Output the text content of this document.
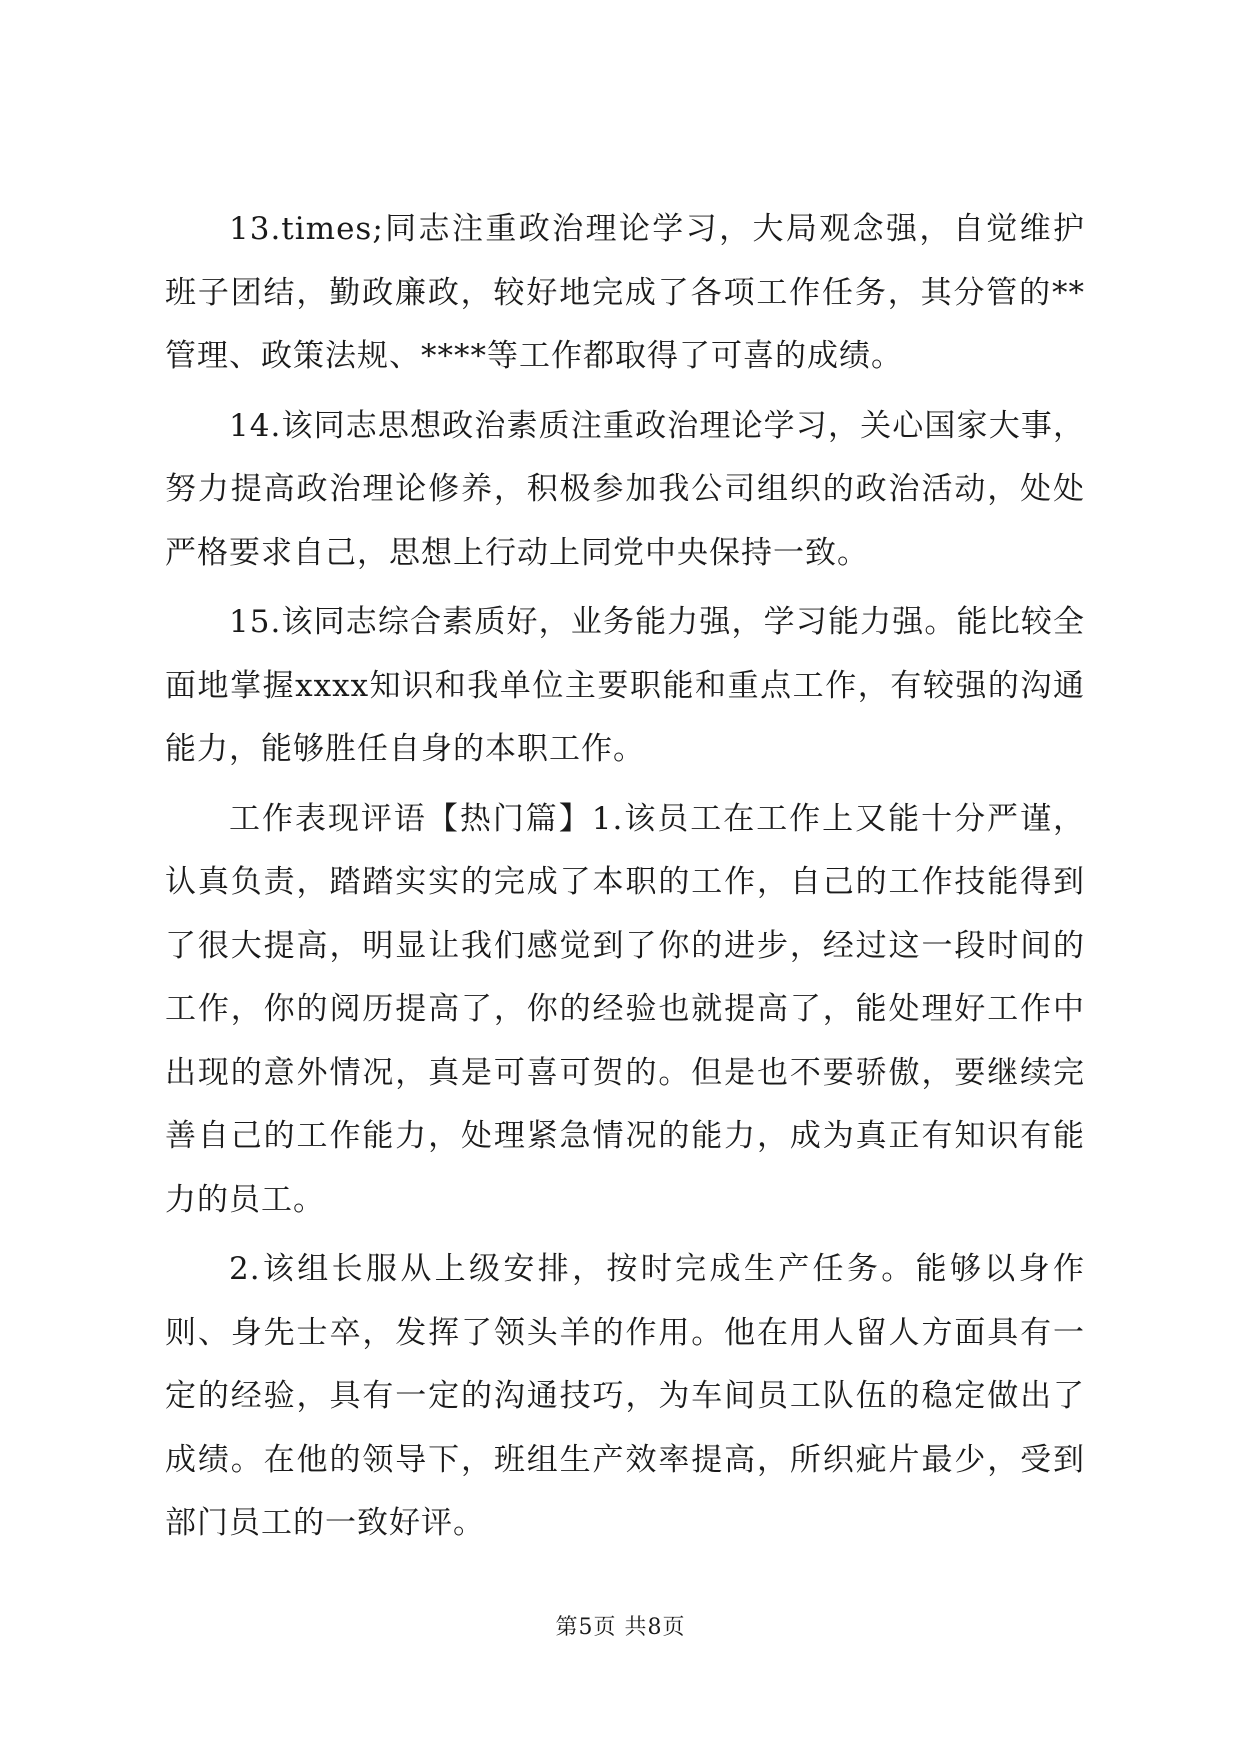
13.times;同志注重政治理论学习，大局观念强，自觉维护班子团结，勤政廉政，较好地完成了各项工作任务，其分管的**管理、政策法规、****等工作都取得了可喜的成绩。

14.该同志思想政治素质注重政治理论学习，关心国家大事，努力提高政治理论修养，积极参加我公司组织的政治活动，处处严格要求自己，思想上行动上同党中央保持一致。

15.该同志综合素质好，业务能力强，学习能力强。能比较全面地掌握xxxx知识和我单位主要职能和重点工作，有较强的沟通能力，能够胜任自身的本职工作。

工作表现评语【热门篇】1.该员工在工作上又能十分严谨，认真负责，踏踏实实的完成了本职的工作，自己的工作技能得到了很大提高，明显让我们感觉到了你的进步，经过这一段时间的工作，你的阅历提高了，你的经验也就提高了，能处理好工作中出现的意外情况，真是可喜可贺的。但是也不要骄傲，要继续完善自己的工作能力，处理紧急情况的能力，成为真正有知识有能力的员工。

2.该组长服从上级安排，按时完成生产任务。能够以身作则、身先士卒，发挥了领头羊的作用。他在用人留人方面具有一定的经验，具有一定的沟通技巧，为车间员工队伍的稳定做出了成绩。在他的领导下，班组生产效率提高，所织疵片最少，受到部门员工的一致好评。

第5页 共8页
